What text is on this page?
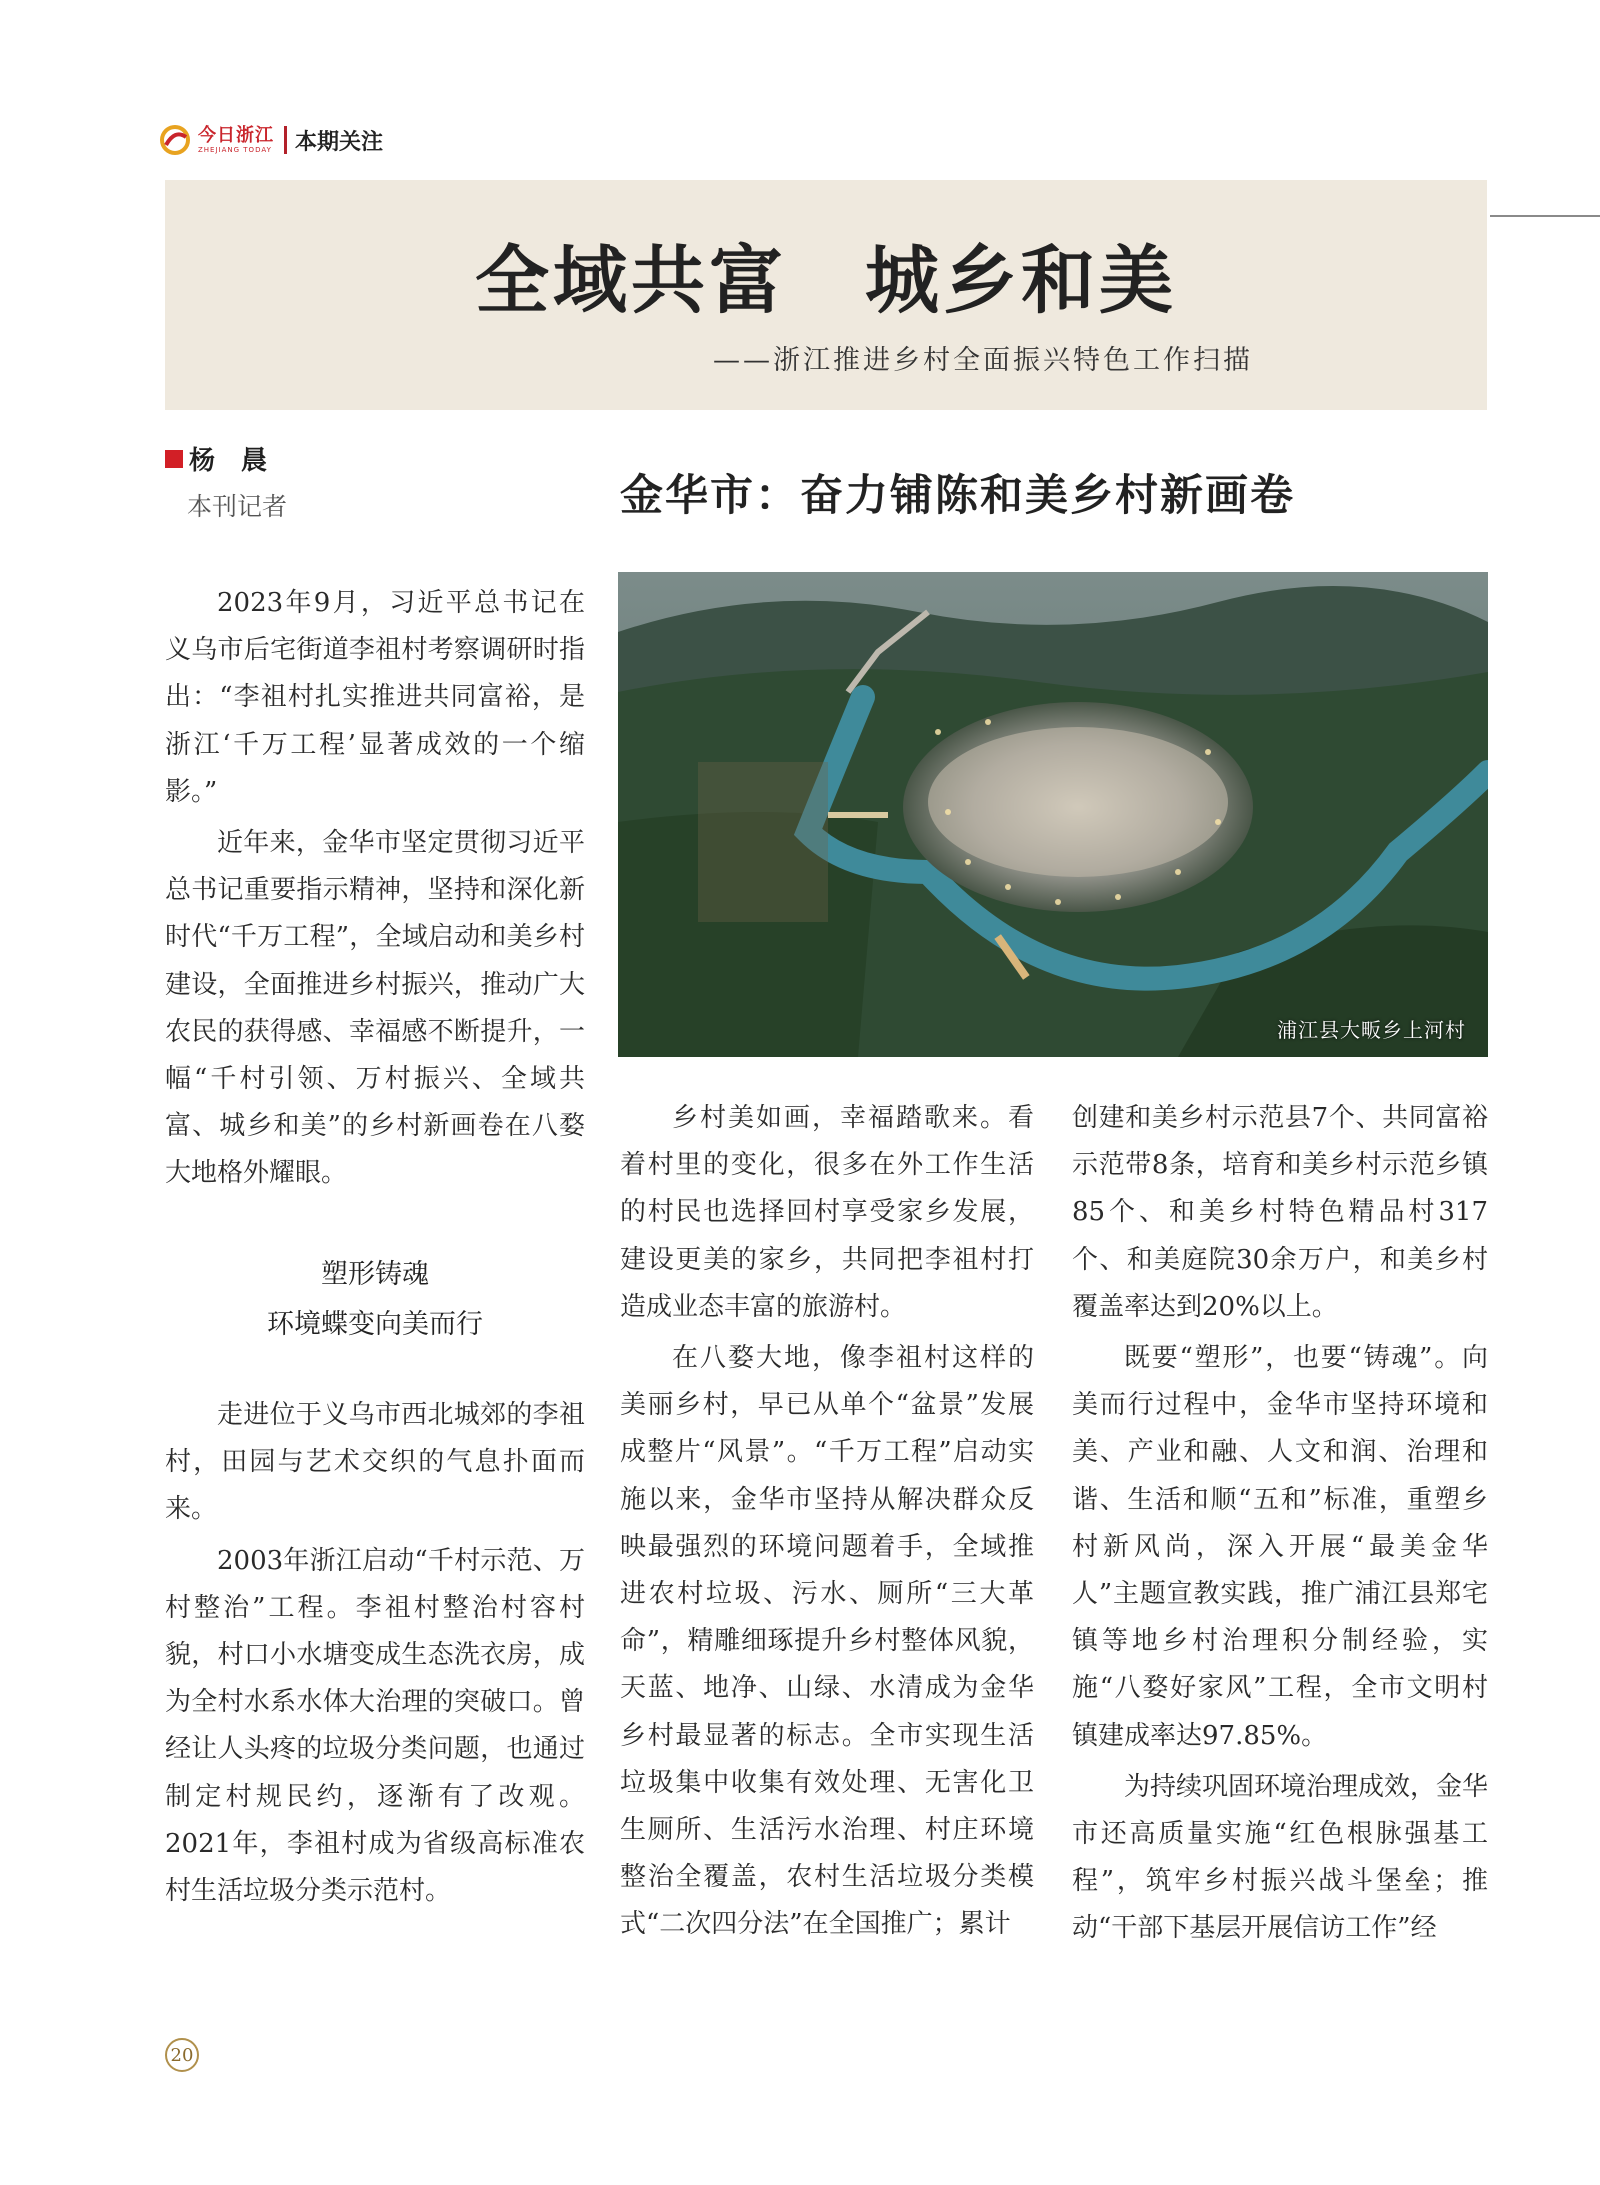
今日浙江
ZHEJIANG TODAY 本期关注
全域共富　城乡和美
——浙江推进乡村全面振兴特色工作扫描
杨　晨
本刊记者	金华市：奋力铺陈和美乡村新画卷
浦江县大畈乡上河村

2023年9月，习近平总书记在义乌市后宅街道李祖村考察调研时指出：“李祖村扎实推进共同富裕，是浙江‘千万工程’显著成效的一个缩影。”

近年来，金华市坚定贯彻习近平总书记重要指示精神，坚持和深化新时代“千万工程”，全域启动和美乡村建设，全面推进乡村振兴，推动广大农民的获得感、幸福感不断提升，一幅“千村引领、万村振兴、全域共富、城乡和美”的乡村新画卷在八婺大地格外耀眼。

塑形铸魂
环境蝶变向美而行

走进位于义乌市西北城郊的李祖村，田园与艺术交织的气息扑面而来。

2003年浙江启动“千村示范、万村整治”工程。李祖村整治村容村貌，村口小水塘变成生态洗衣房，成为全村水系水体大治理的突破口。曾经让人头疼的垃圾分类问题，也通过制定村规民约，逐渐有了改观。2021年，李祖村成为省级高标准农村生活垃圾分类示范村。

乡村美如画，幸福踏歌来。看着村里的变化，很多在外工作生活的村民也选择回村享受家乡发展，建设更美的家乡，共同把李祖村打造成业态丰富的旅游村。

在八婺大地，像李祖村这样的美丽乡村，早已从单个“盆景”发展成整片“风景”。“千万工程”启动实施以来，金华市坚持从解决群众反映最强烈的环境问题着手，全域推进农村垃圾、污水、厕所“三大革命”，精雕细琢提升乡村整体风貌，天蓝、地净、山绿、水清成为金华乡村最显著的标志。全市实现生活垃圾集中收集有效处理、无害化卫生厕所、生活污水治理、村庄环境整治全覆盖，农村生活垃圾分类模式“二次四分法”在全国推广；累计

创建和美乡村示范县7个、共同富裕示范带8条，培育和美乡村示范乡镇85个、和美乡村特色精品村317个、和美庭院30余万户，和美乡村覆盖率达到20%以上。

既要“塑形”，也要“铸魂”。向美而行过程中，金华市坚持环境和美、产业和融、人文和润、治理和谐、生活和顺“五和”标准，重塑乡村新风尚，深入开展“最美金华人”主题宣教实践，推广浦江县郑宅镇等地乡村治理积分制经验，实施“八婺好家风”工程，全市文明村镇建成率达97.85%。

为持续巩固环境治理成效，金华市还高质量实施“红色根脉强基工程”，筑牢乡村振兴战斗堡垒；推动“干部下基层开展信访工作”经

20
